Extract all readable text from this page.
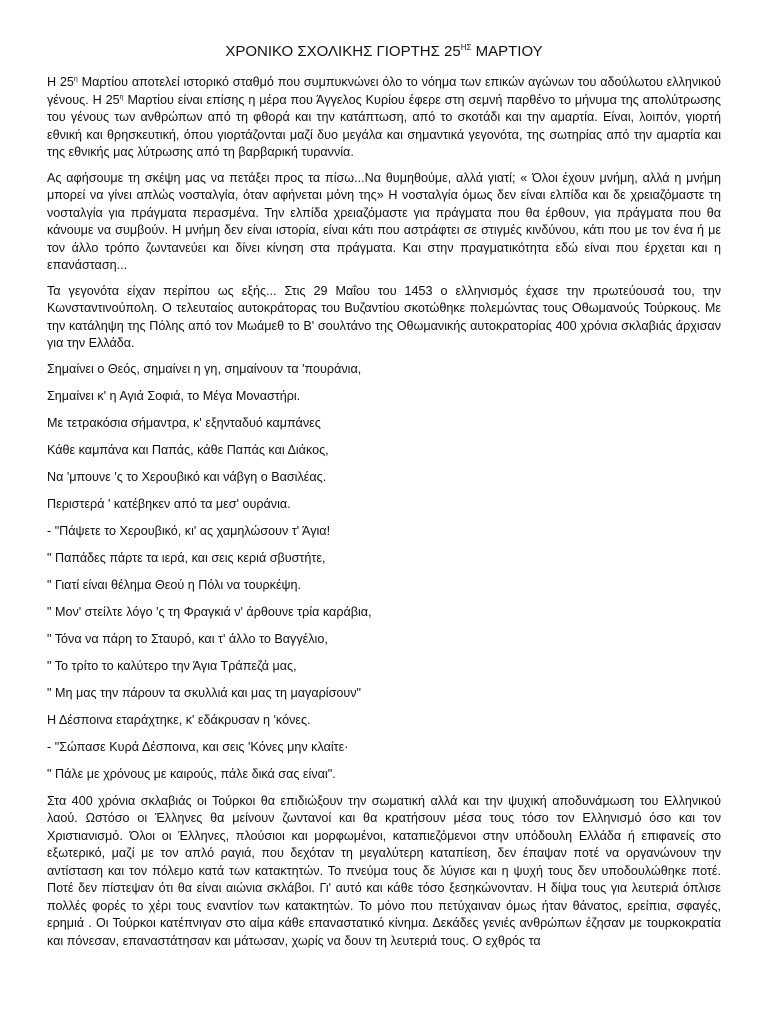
ΧΡΟΝΙΚΟ ΣΧΟΛΙΚΗΣ ΓΙΟΡΤΗΣ $25^{H\Sigma}$ ΜΑΡΤΙΟΥ

Η $25^\eta$ Μαρτίου αποτελεί ιστορικό σταθμό που συμπυκνώνει όλο το νόημα των επικών αγώνων του αδούλωτου ελληνικού γένους. Η $25^\eta$ Μαρτίου είναι επίσης η μέρα που Άγγελος Κυρίου έφερε στη σεμνή παρθένο το μήνυμα της απολύτρωσης του γένους των ανθρώπων από τη φθορά και την κατάπτωση, από το σκοτάδι και την αμαρτία. Είναι, λοιπόν, γιορτή εθνική και θρησκευτική, όπου γιορτάζονται μαζί δυο μεγάλα και σημαντικά γεγονότα, της σωτηρίας από την αμαρτία και της εθνικής μας λύτρωσης από τη βαρβαρική τυραννία.

Ας αφήσουμε τη σκέψη μας να πετάξει προς τα πίσω...Να θυμηθούμε, αλλά γιατί; « Όλοι έχουν μνήμη, αλλά η μνήμη μπορεί να γίνει απλώς νοσταλγία, όταν αφήνεται μόνη της» Η νοσταλγία όμως δεν είναι ελπίδα και δε χρειαζόμαστε τη νοσταλγία για πράγματα περασμένα. Την ελπίδα χρειαζόμαστε για πράγματα που θα έρθουν, για πράγματα που θα κάνουμε να συμβούν. Η μνήμη δεν είναι ιστορία, είναι κάτι που αστράφτει σε στιγμές κινδύνου, κάτι που με τον ένα ή με τον άλλο τρόπο ζωντανεύει και δίνει κίνηση στα πράγματα. Και στην πραγματικότητα εδώ είναι που έρχεται και η επανάσταση...

Τα γεγονότα είχαν περίπου ως εξής... Στις 29 Μαΐου του 1453 ο ελληνισμός έχασε την πρωτεύουσά του, την Κωνσταντινούπολη. Ο τελευταίος αυτοκράτορας του Βυζαντίου σκοτώθηκε πολεμώντας τους Οθωμανούς Τούρκους. Με την κατάληψη της Πόλης από τον Μωάμεθ το Β' σουλτάνο της Οθωμανικής αυτοκρατορίας 400 χρόνια σκλαβιάς άρχισαν για την Ελλάδα.

Σημαίνει ο Θεός, σημαίνει η γη, σημαίνουν τα 'πουράνια,
Σημαίνει κ' η Αγιά Σοφιά, το Μέγα Μοναστήρι.
Με τετρακόσια σήμαντρα, κ' εξηνταδυό καμπάνες
Κάθε καμπάνα και Παπάς, κάθε Παπάς και Διάκος,
Να 'μπουνε 'ς το Χερουβικό και νάβγη ο Βασιλέας.
Περιστερά ' κατέβηκεν από τα μεσ' ουράνια.
- "Πάψετε το Χερουβικό, κι' ας χαμηλώσουν τ' Άγια!
" Παπάδες πάρτε τα ιερά, και σεις κεριά σβυστήτε,
" Γιατί είναι θέλημα Θεού η Πόλι να τουρκέψη.
" Μον' στείλτε λόγο 'ς τη Φραγκιά ν' άρθουνε τρία καράβια,
" Τόνα να πάρη το Σταυρό, και τ' άλλο το Βαγγέλιο,
" Το τρίτο το καλύτερο την Άγια Τράπεζά μας,
" Μη μας την πάρουν τα σκυλλιά και μας τη μαγαρίσουν"
Η Δέσποινα εταράχτηκε, κ' εδάκρυσαν η 'κόνες.
- "Σώπασε Κυρά Δέσποινα, και σεις 'Κόνες μην κλαίτε·
" Πάλε με χρόνους με καιρούς, πάλε δικά σας είναι".

Στα 400 χρόνια σκλαβιάς οι Τούρκοι θα επιδιώξουν την σωματική αλλά και την ψυχική αποδυνάμωση του Ελληνικού λαού. Ωστόσο οι Έλληνες θα μείνουν ζωντανοί και θα κρατήσουν μέσα τους τόσο τον Ελληνισμό όσο και τον Χριστιανισμό. Όλοι οι Έλληνες, πλούσιοι και μορφωμένοι, καταπιεζόμενοι στην υπόδουλη Ελλάδα ή επιφανείς στο εξωτερικό, μαζί με τον απλό ραγιά, που δεχόταν τη μεγαλύτερη καταπίεση, δεν έπαψαν ποτέ να οργανώνουν την αντίσταση και τον πόλεμο κατά των κατακτητών. Το πνεύμα τους δε λύγισε και η ψυχή τους δεν υποδουλώθηκε ποτέ. Ποτέ δεν πίστεψαν ότι θα είναι αιώνια σκλάβοι. Γι' αυτό και κάθε τόσο ξεσηκώνονταν. Η δίψα τους για λευτεριά όπλισε πολλές φορές το χέρι τους εναντίον των κατακτητών. Το μόνο που πετύχαιναν όμως ήταν θάνατος, ερείπια, σφαγές, ερημιά . Οι Τούρκοι κατέπνιγαν στο αίμα κάθε επαναστατικό κίνημα. Δεκάδες γενιές ανθρώπων έζησαν με τουρκοκρατία και πόνεσαν, επαναστάτησαν και μάτωσαν, χωρίς να δουν τη λευτεριά τους. Ο εχθρός τα
